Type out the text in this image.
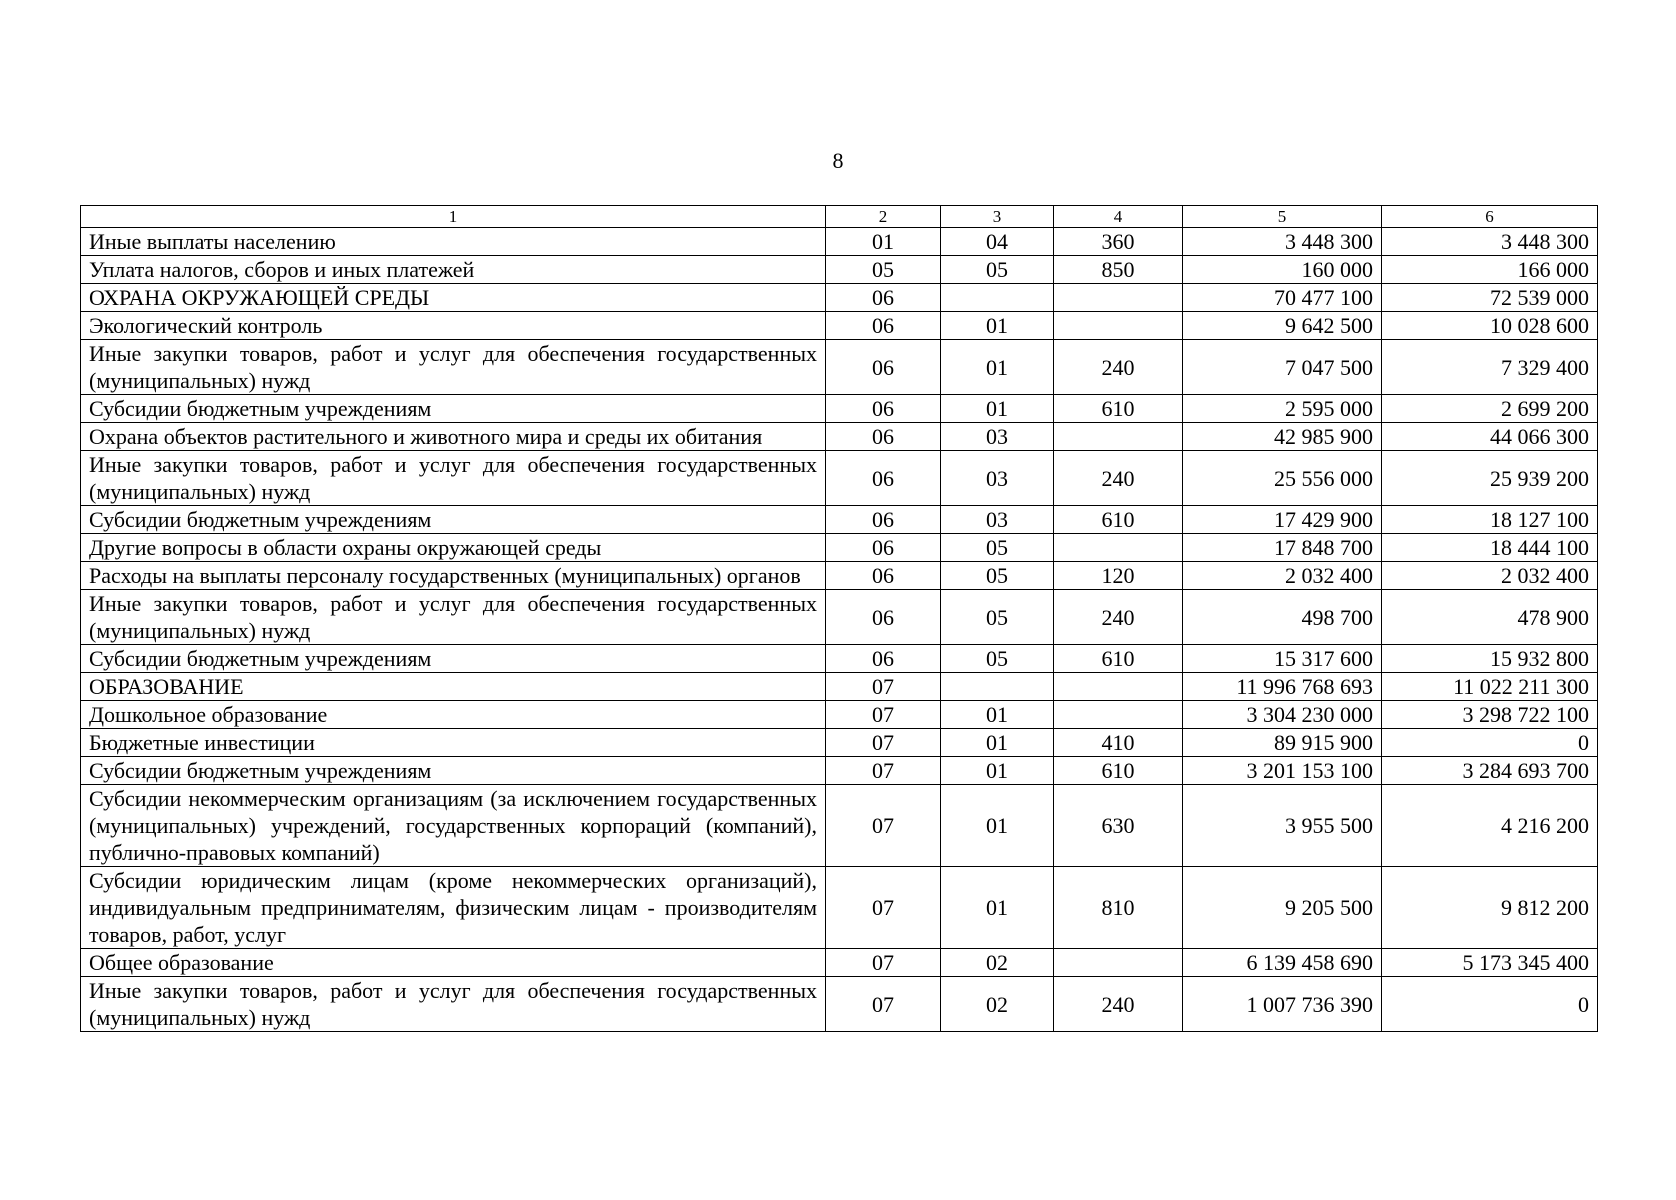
8
1	2	3	4	5	6
Иные выплаты населению	01	04	360	3 448 300	3 448 300
Уплата налогов, сборов и иных платежей	05	05	850	160 000	166 000
ОХРАНА ОКРУЖАЮЩЕЙ СРЕДЫ	06			70 477 100	72 539 000
Экологический контроль	06	01		9 642 500	10 028 600
Иные закупки товаров, работ и услуг для обеспечения государственных (муниципальных) нужд	06	01	240	7 047 500	7 329 400
Субсидии бюджетным учреждениям	06	01	610	2 595 000	2 699 200
Охрана объектов растительного и животного мира и среды их обитания	06	03		42 985 900	44 066 300
Иные закупки товаров, работ и услуг для обеспечения государственных (муниципальных) нужд	06	03	240	25 556 000	25 939 200
Субсидии бюджетным учреждениям	06	03	610	17 429 900	18 127 100
Другие вопросы в области охраны окружающей среды	06	05		17 848 700	18 444 100
Расходы на выплаты персоналу государственных (муниципальных) органов	06	05	120	2 032 400	2 032 400
Иные закупки товаров, работ и услуг для обеспечения государственных (муниципальных) нужд	06	05	240	498 700	478 900
Субсидии бюджетным учреждениям	06	05	610	15 317 600	15 932 800
ОБРАЗОВАНИЕ	07			11 996 768 693	11 022 211 300
Дошкольное образование	07	01		3 304 230 000	3 298 722 100
Бюджетные инвестиции	07	01	410	89 915 900	0
Субсидии бюджетным учреждениям	07	01	610	3 201 153 100	3 284 693 700
Субсидии некоммерческим организациям (за исключением государственных (муниципальных) учреждений, государственных корпораций (компаний), публично-правовых компаний)	07	01	630	3 955 500	4 216 200
Субсидии юридическим лицам (кроме некоммерческих организаций), индивидуальным предпринимателям, физическим лицам - производителям товаров, работ, услуг	07	01	810	9 205 500	9 812 200
Общее образование	07	02		6 139 458 690	5 173 345 400
Иные закупки товаров, работ и услуг для обеспечения государственных (муниципальных) нужд	07	02	240	1 007 736 390	0
